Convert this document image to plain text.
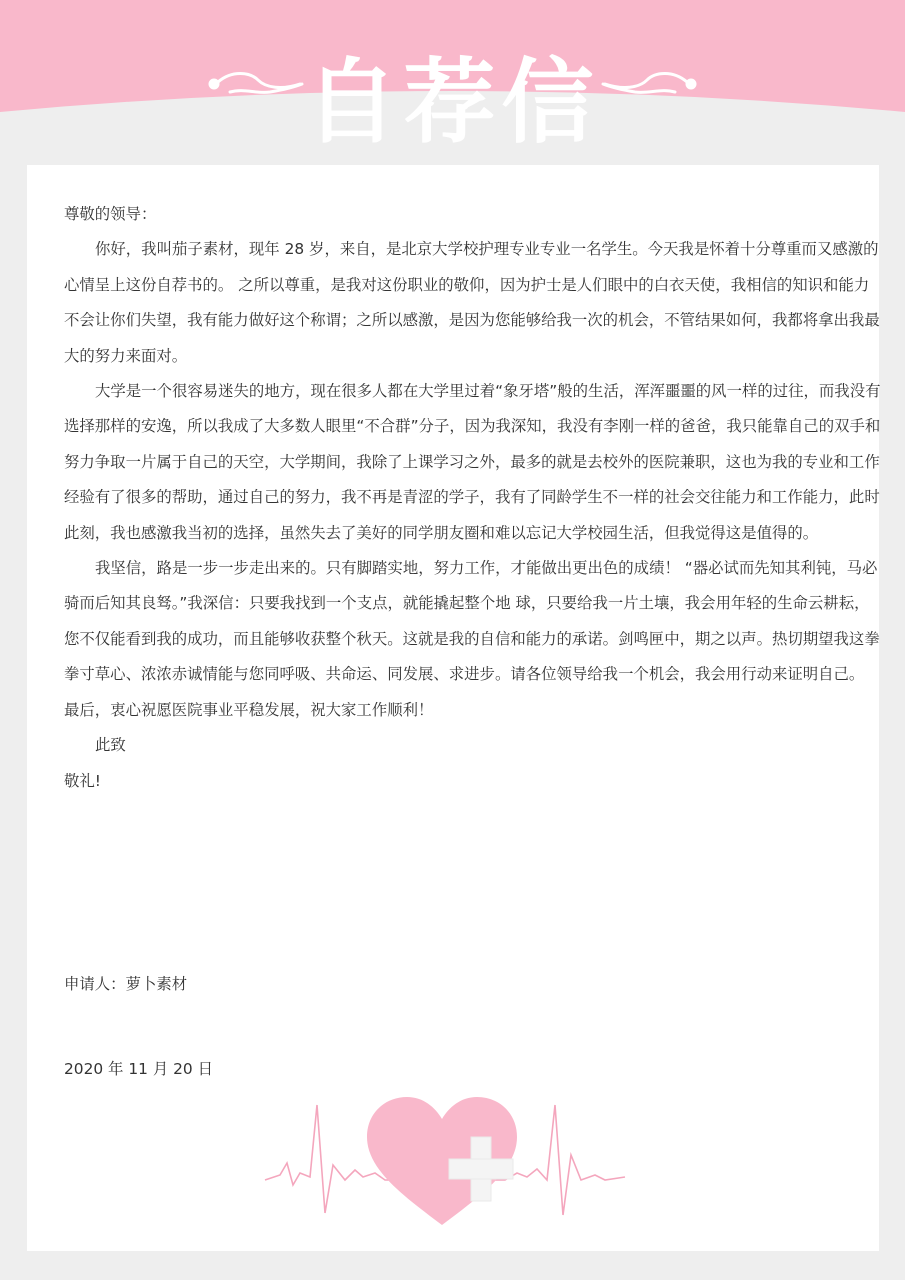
自荐信

尊敬的领导：

你好，我叫茄子素材，现年 28 岁，来自，是北京大学校护理专业专业一名学生。今天我是怀着十分尊重而又感激的心情呈上这份自荐书的。 之所以尊重，是我对这份职业的敬仰，因为护士是人们眼中的白衣天使，我相信的知识和能力不会让你们失望，我有能力做好这个称谓；之所以感激，是因为您能够给我一次的机会，不管结果如何，我都将拿出我最大的努力来面对。

大学是一个很容易迷失的地方，现在很多人都在大学里过着“象牙塔”般的生活，浑浑噩噩的风一样的过往，而我没有选择那样的安逸，所以我成了大多数人眼里“不合群”分子，因为我深知，我没有李刚一样的爸爸，我只能靠自己的双手和努力争取一片属于自己的天空，大学期间，我除了上课学习之外，最多的就是去校外的医院兼职，这也为我的专业和工作经验有了很多的帮助，通过自己的努力，我不再是青涩的学子，我有了同龄学生不一样的社会交往能力和工作能力，此时此刻，我也感激我当初的选择，虽然失去了美好的同学朋友圈和难以忘记大学校园生活，但我觉得这是值得的。

我坚信，路是一步一步走出来的。只有脚踏实地，努力工作，才能做出更出色的成绩！ “器必试而先知其利钝，马必骑而后知其良驽。”我深信：只要我找到一个支点，就能撬起整个地 球，只要给我一片土壤，我会用年轻的生命云耕耘，您不仅能看到我的成功，而且能够收获整个秋天。这就是我的自信和能力的承诺。剑鸣匣中，期之以声。热切期望我这拳拳寸草心、浓浓赤诚情能与您同呼吸、共命运、同发展、求进步。请各位领导给我一个机会，我会用行动来证明自己。 最后，衷心祝愿医院事业平稳发展，祝大家工作顺利！

此致

敬礼!

申请人：萝卜素材
2020 年 11 月 20 日
